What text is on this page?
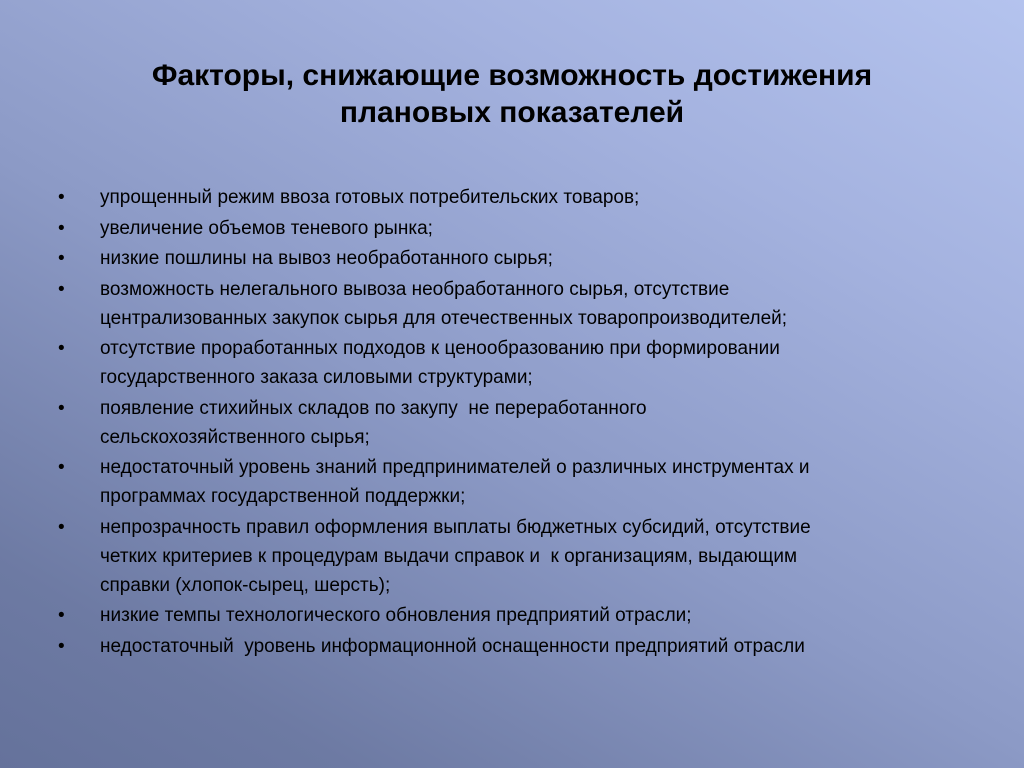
Факторы, снижающие возможность достижения
плановых показателей
•	упрощенный режим ввоза готовых потребительских товаров;
•	увеличение объемов теневого рынка;
•	низкие пошлины на вывоз необработанного сырья;
•	возможность нелегального вывоза необработанного сырья, отсутствие
централизованных закупок сырья для отечественных товаропроизводителей;
•	отсутствие проработанных подходов к ценообразованию при формировании
государственного заказа силовыми структурами;
•	появление стихийных складов по закупу  не переработанного
сельскохозяйственного сырья;
•	недостаточный уровень знаний предпринимателей о различных инструментах и
программах государственной поддержки;
•	непрозрачность правил оформления выплаты бюджетных субсидий, отсутствие
четких критериев к процедурам выдачи справок и  к организациям, выдающим
справки (хлопок-сырец, шерсть);
•	низкие темпы технологического обновления предприятий отрасли;
•	недостаточный  уровень информационной оснащенности предприятий отрасли
